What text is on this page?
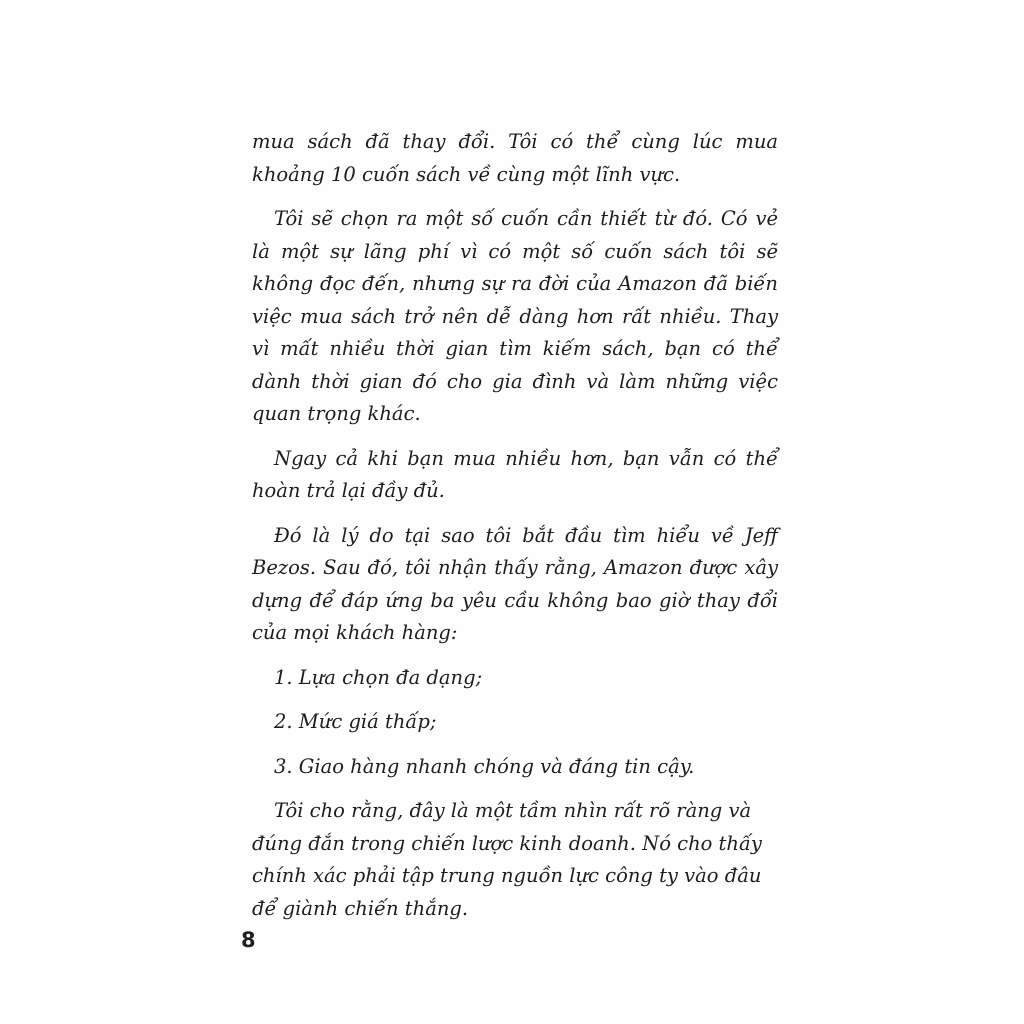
mua sách đã thay đổi. Tôi có thể cùng lúc mua khoảng 10 cuốn sách về cùng một lĩnh vực.

Tôi sẽ chọn ra một số cuốn cần thiết từ đó. Có vẻ là một sự lãng phí vì có một số cuốn sách tôi sẽ không đọc đến, nhưng sự ra đời của Amazon đã biến việc mua sách trở nên dễ dàng hơn rất nhiều. Thay vì mất nhiều thời gian tìm kiếm sách, bạn có thể dành thời gian đó cho gia đình và làm những việc quan trọng khác.

Ngay cả khi bạn mua nhiều hơn, bạn vẫn có thể hoàn trả lại đầy đủ.

Đó là lý do tại sao tôi bắt đầu tìm hiểu về Jeff Bezos. Sau đó, tôi nhận thấy rằng, Amazon được xây dựng để đáp ứng ba yêu cầu không bao giờ thay đổi của mọi khách hàng:

1. Lựa chọn đa dạng;

2. Mức giá thấp;

3. Giao hàng nhanh chóng và đáng tin cậy.

Tôi cho rằng, đây là một tầm nhìn rất rõ ràng và đúng đắn trong chiến lược kinh doanh. Nó cho thấy chính xác phải tập trung nguồn lực công ty vào đâu để giành chiến thắng.

8
